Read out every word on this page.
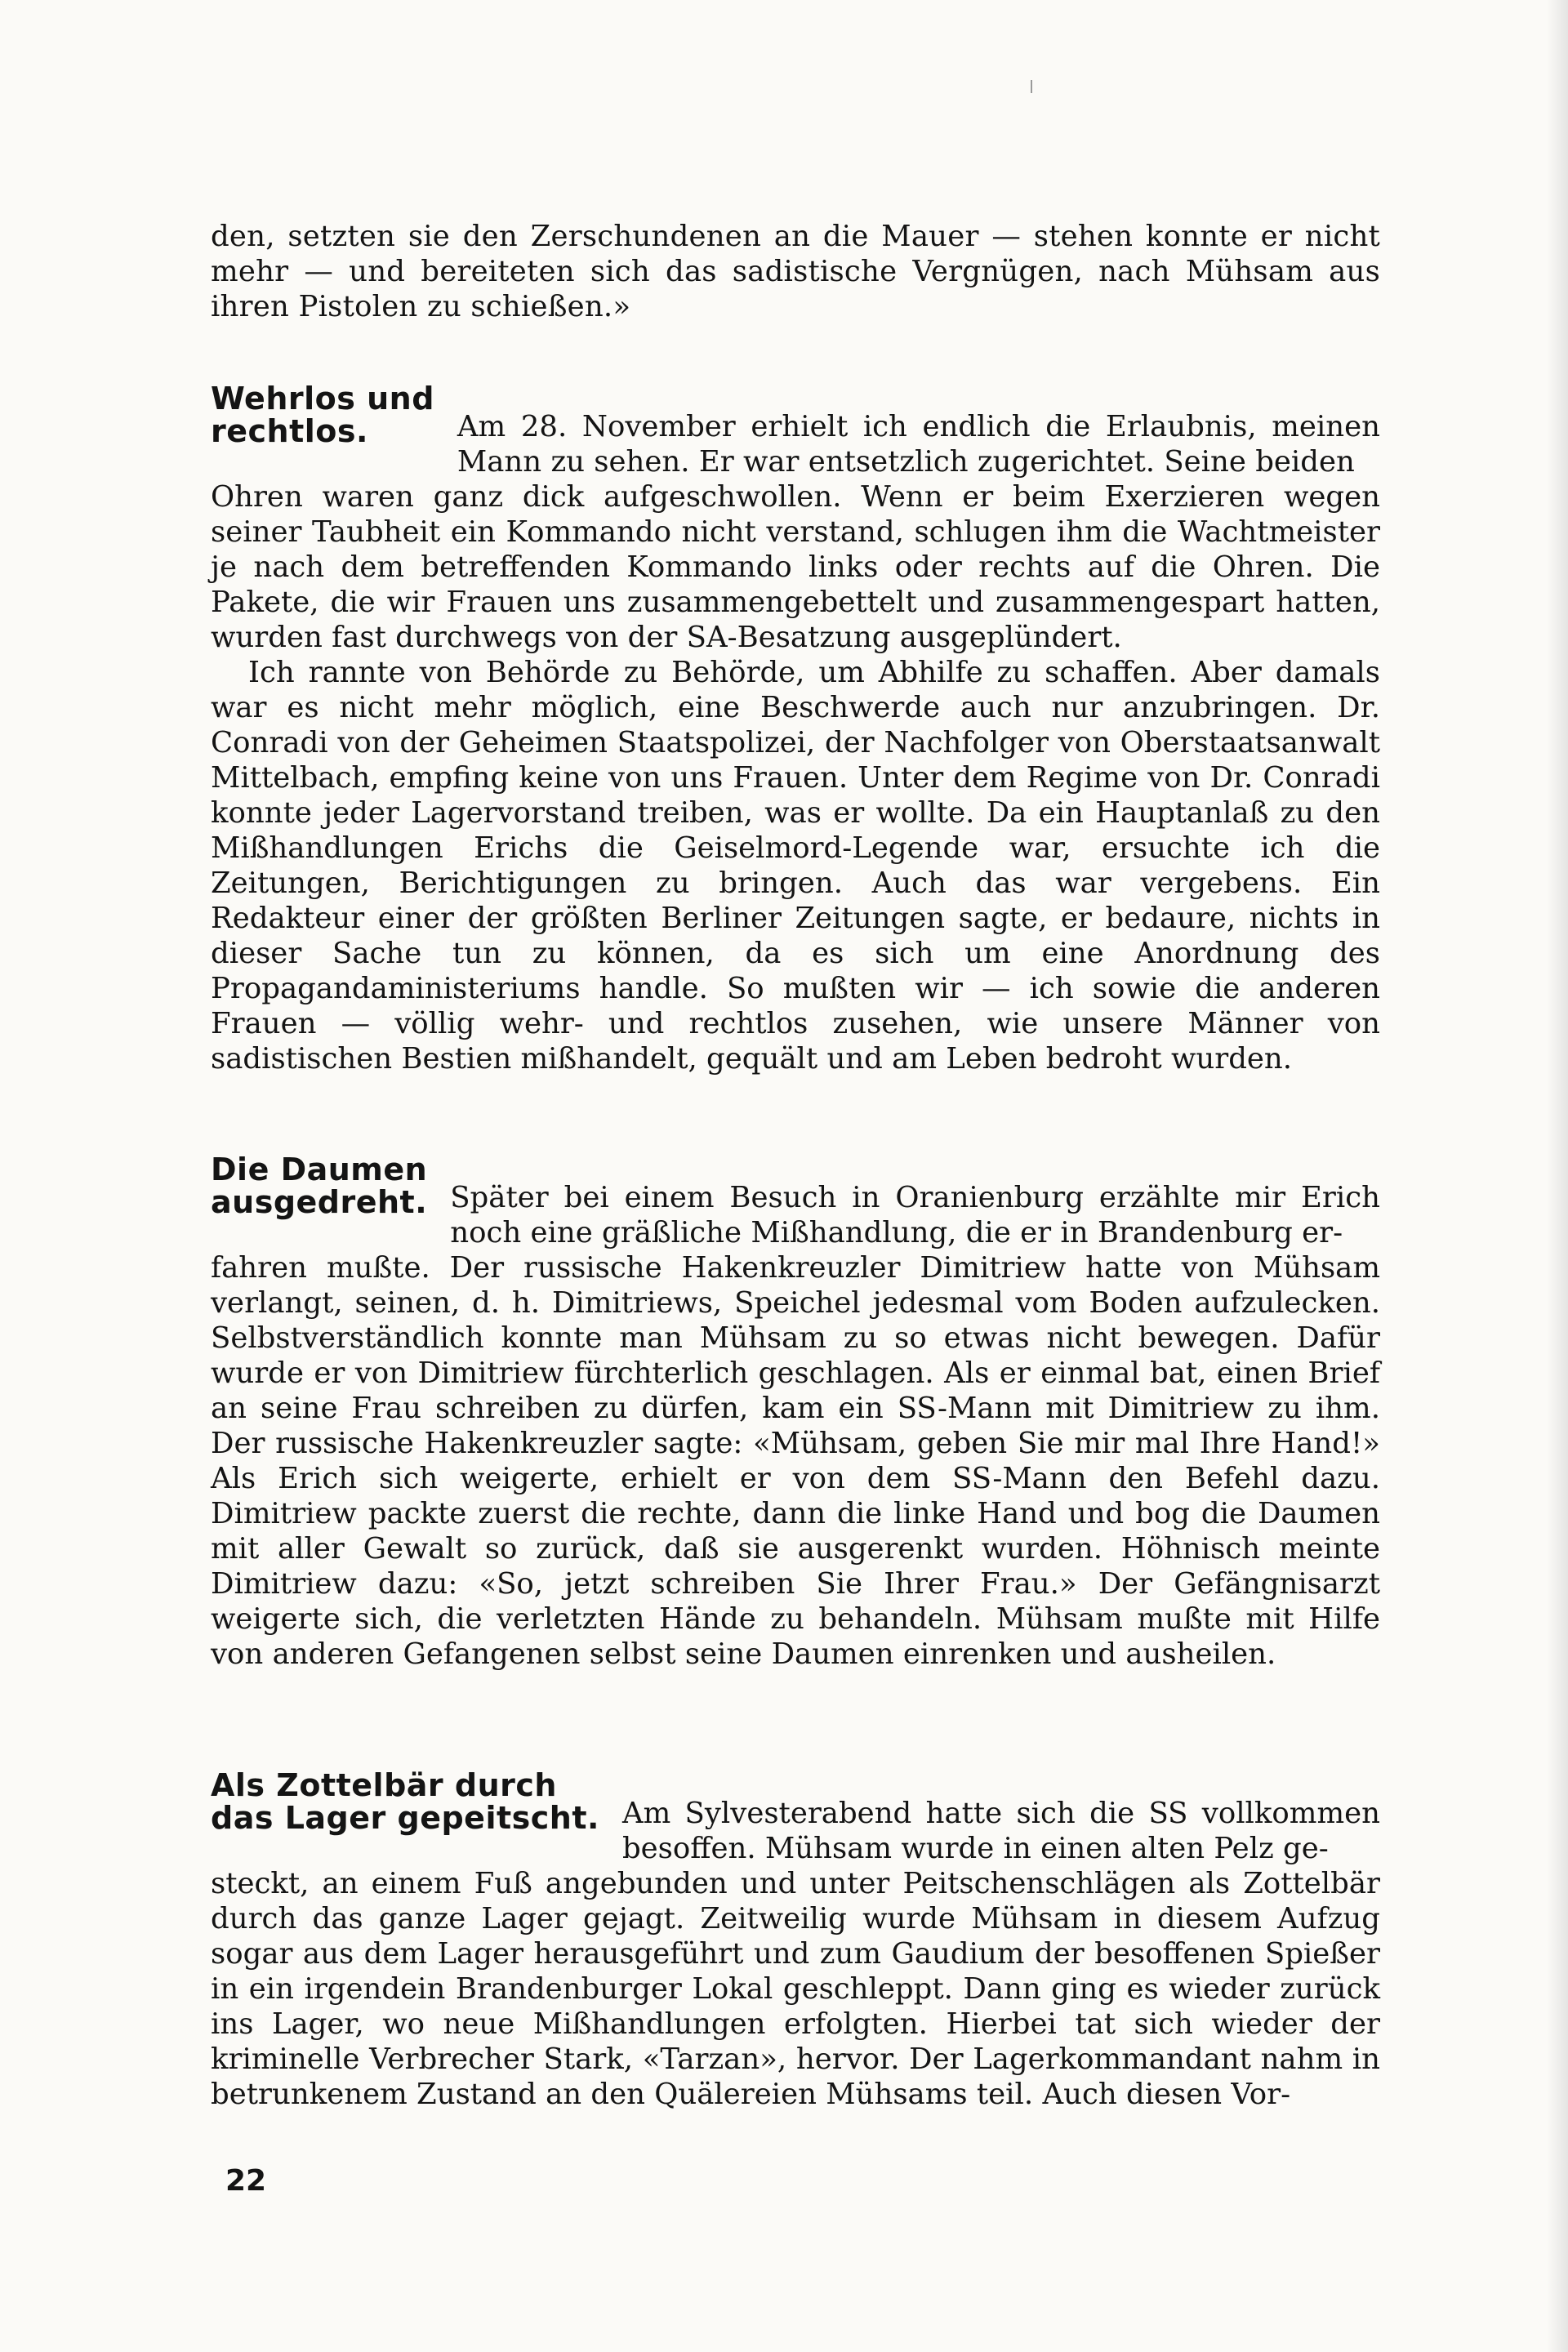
den, setzten sie den Zerschundenen an die Mauer — stehen konnte er nicht mehr — und bereiteten sich das sadistische Vergnügen, nach Mühsam aus ihren Pistolen zu schießen.»

Wehrlos und
rechtlos.	Am 28. November erhielt ich endlich die Erlaubnis, meinen Mann zu sehen. Er war entsetzlich zugerichtet. Seine beiden

Ohren waren ganz dick aufgeschwollen. Wenn er beim Exerzieren wegen seiner Taubheit ein Kommando nicht verstand, schlugen ihm die Wachtmeister je nach dem betreffenden Kommando links oder rechts auf die Ohren. Die Pakete, die wir Frauen uns zusammengebettelt und zusammengespart hatten, wurden fast durchwegs von der SA-Besatzung ausgeplündert.

Ich rannte von Behörde zu Behörde, um Abhilfe zu schaffen. Aber damals war es nicht mehr möglich, eine Beschwerde auch nur anzubringen. Dr. Conradi von der Geheimen Staatspolizei, der Nachfolger von Oberstaatsanwalt Mittelbach, empfing keine von uns Frauen. Unter dem Regime von Dr. Conradi konnte jeder Lagervorstand treiben, was er wollte. Da ein Hauptanlaß zu den Mißhandlungen Erichs die Geiselmord-Legende war, ersuchte ich die Zeitungen, Berichtigungen zu bringen. Auch das war vergebens. Ein Redakteur einer der größten Berliner Zeitungen sagte, er bedaure, nichts in dieser Sache tun zu können, da es sich um eine Anordnung des Propagandaministeriums handle. So mußten wir — ich sowie die anderen Frauen — völlig wehr- und rechtlos zusehen, wie unsere Männer von sadistischen Bestien mißhandelt, gequält und am Leben bedroht wurden.

Die Daumen
ausgedreht. Später bei einem Besuch in Oranienburg erzählte mir Erich noch eine gräßliche Mißhandlung, die er in Brandenburg er-

fahren mußte. Der russische Hakenkreuzler Dimitriew hatte von Mühsam verlangt, seinen, d. h. Dimitriews, Speichel jedesmal vom Boden aufzulecken. Selbstverständlich konnte man Mühsam zu so etwas nicht bewegen. Dafür wurde er von Dimitriew fürchterlich geschlagen. Als er einmal bat, einen Brief an seine Frau schreiben zu dürfen, kam ein SS-Mann mit Dimitriew zu ihm. Der russische Hakenkreuzler sagte: «Mühsam, geben Sie mir mal Ihre Hand!» Als Erich sich weigerte, erhielt er von dem SS-Mann den Befehl dazu. Dimitriew packte zuerst die rechte, dann die linke Hand und bog die Daumen mit aller Gewalt so zurück, daß sie ausgerenkt wurden. Höhnisch meinte Dimitriew dazu: «So, jetzt schreiben Sie Ihrer Frau.» Der Gefängnisarzt weigerte sich, die verletzten Hände zu behandeln. Mühsam mußte mit Hilfe von anderen Gefangenen selbst seine Daumen einrenken und ausheilen.

Als Zottelbär durch
das Lager gepeitscht. Am Sylvesterabend hatte sich die SS vollkommen besoffen. Mühsam wurde in einen alten Pelz ge-

steckt, an einem Fuß angebunden und unter Peitschenschlägen als Zottelbär durch das ganze Lager gejagt. Zeitweilig wurde Mühsam in diesem Aufzug sogar aus dem Lager herausgeführt und zum Gaudium der besoffenen Spießer in ein irgendein Brandenburger Lokal geschleppt. Dann ging es wieder zurück ins Lager, wo neue Mißhandlungen erfolgten. Hierbei tat sich wieder der kriminelle Verbrecher Stark, «Tarzan», hervor. Der Lagerkommandant nahm in betrunkenem Zustand an den Quälereien Mühsams teil. Auch diesen Vor-

22
